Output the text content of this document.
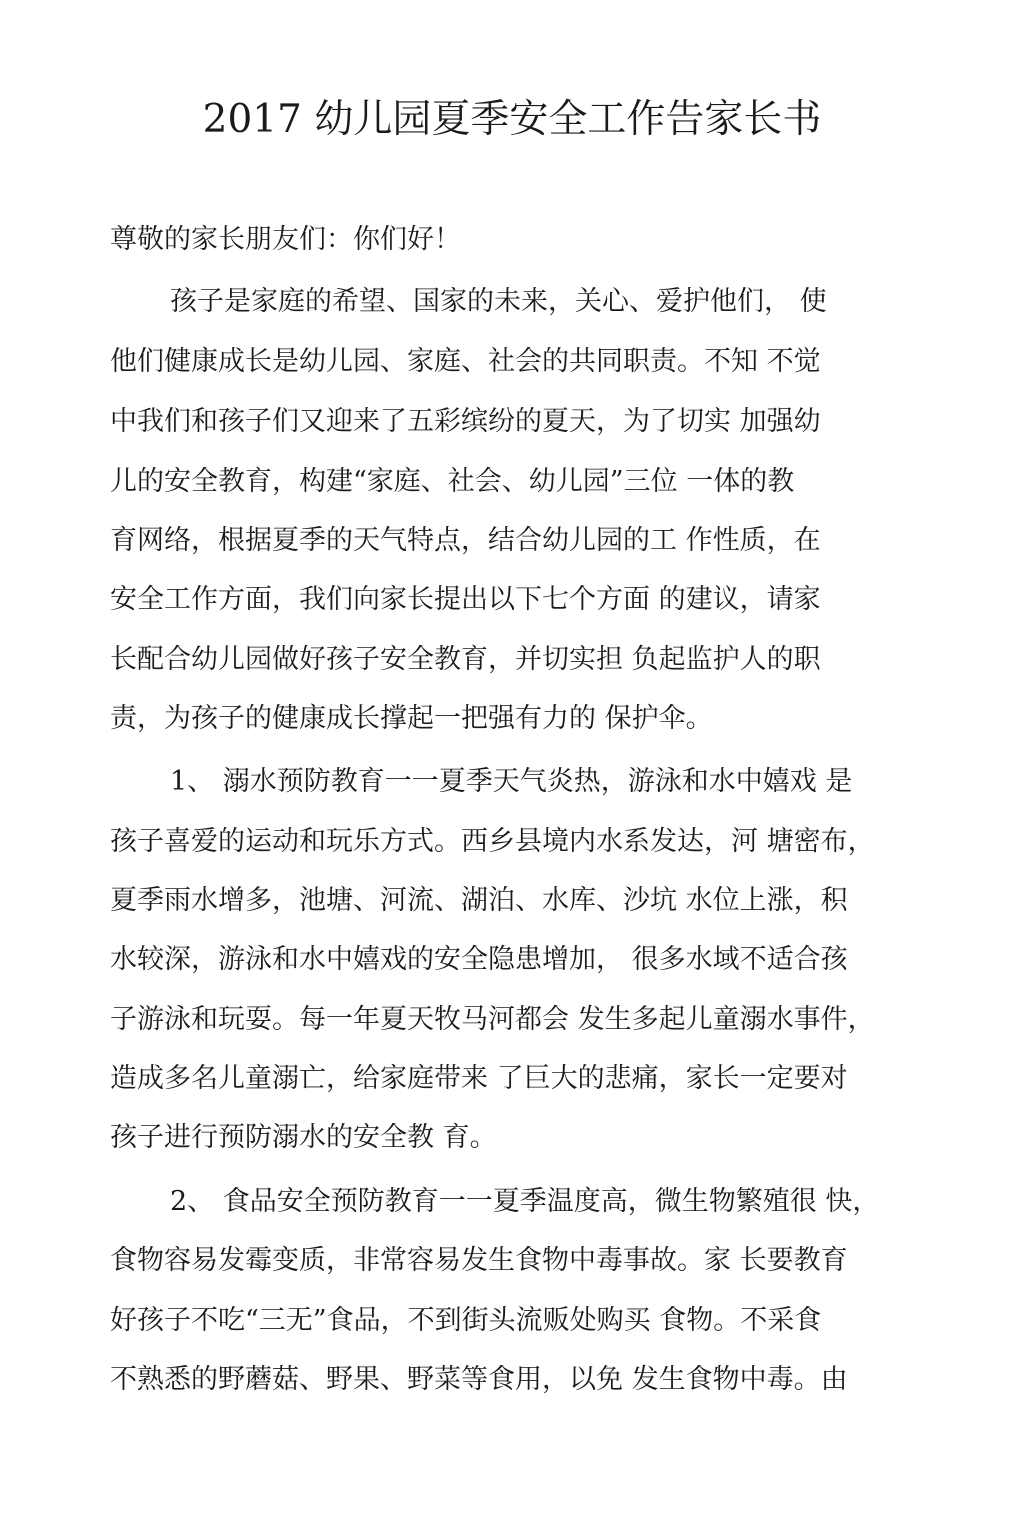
2017 幼儿园夏季安全工作告家长书
尊敬的家长朋友们：你们好！
孩子是家庭的希望、国家的未来，关心、爱护他们， 使
他们健康成长是幼儿园、家庭、社会的共同职责。不知 不觉
中我们和孩子们又迎来了五彩缤纷的夏天，为了切实 加强幼
儿的安全教育，构建“家庭、社会、幼儿园”三位 一体的教
育网络，根据夏季的天气特点，结合幼儿园的工 作性质，在
安全工作方面，我们向家长提出以下七个方面 的建议，请家
长配合幼儿园做好孩子安全教育，并切实担 负起监护人的职
责，为孩子的健康成长撑起一把强有力的 保护伞。
1、 溺水预防教育一一夏季天气炎热，游泳和水中嬉戏 是
孩子喜爱的运动和玩乐方式。西乡县境内水系发达，河 塘密布，
夏季雨水增多，池塘、河流、湖泊、水库、沙坑 水位上涨，积
水较深，游泳和水中嬉戏的安全隐患增加， 很多水域不适合孩
子游泳和玩耍。每一年夏天牧马河都会 发生多起儿童溺水事件，
造成多名儿童溺亡，给家庭带来 了巨大的悲痛，家长一定要对
孩子进行预防溺水的安全教 育。
2、 食品安全预防教育一一夏季温度高，微生物繁殖很 快，
食物容易发霉变质，非常容易发生食物中毒事故。家 长要教育
好孩子不吃“三无”食品，不到街头流贩处购买 食物。不采食
不熟悉的野蘑菇、野果、野菜等食用，以免 发生食物中毒。由
